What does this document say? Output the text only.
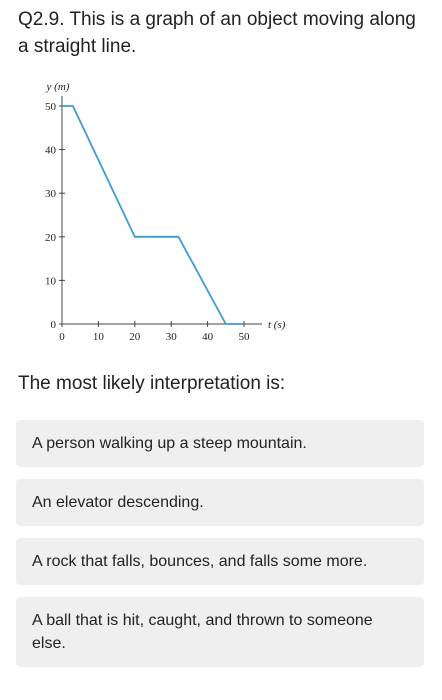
Q2.9. This is a graph of an object moving along a straight line.

0	10 20 30 40 50
0
10
20
30
40
50
y (m)
t (s)

The most likely interpretation is:

A person walking up a steep mountain.
An elevator descending.
A rock that falls, bounces, and falls some more.
A ball that is hit, caught, and thrown to someone else.
